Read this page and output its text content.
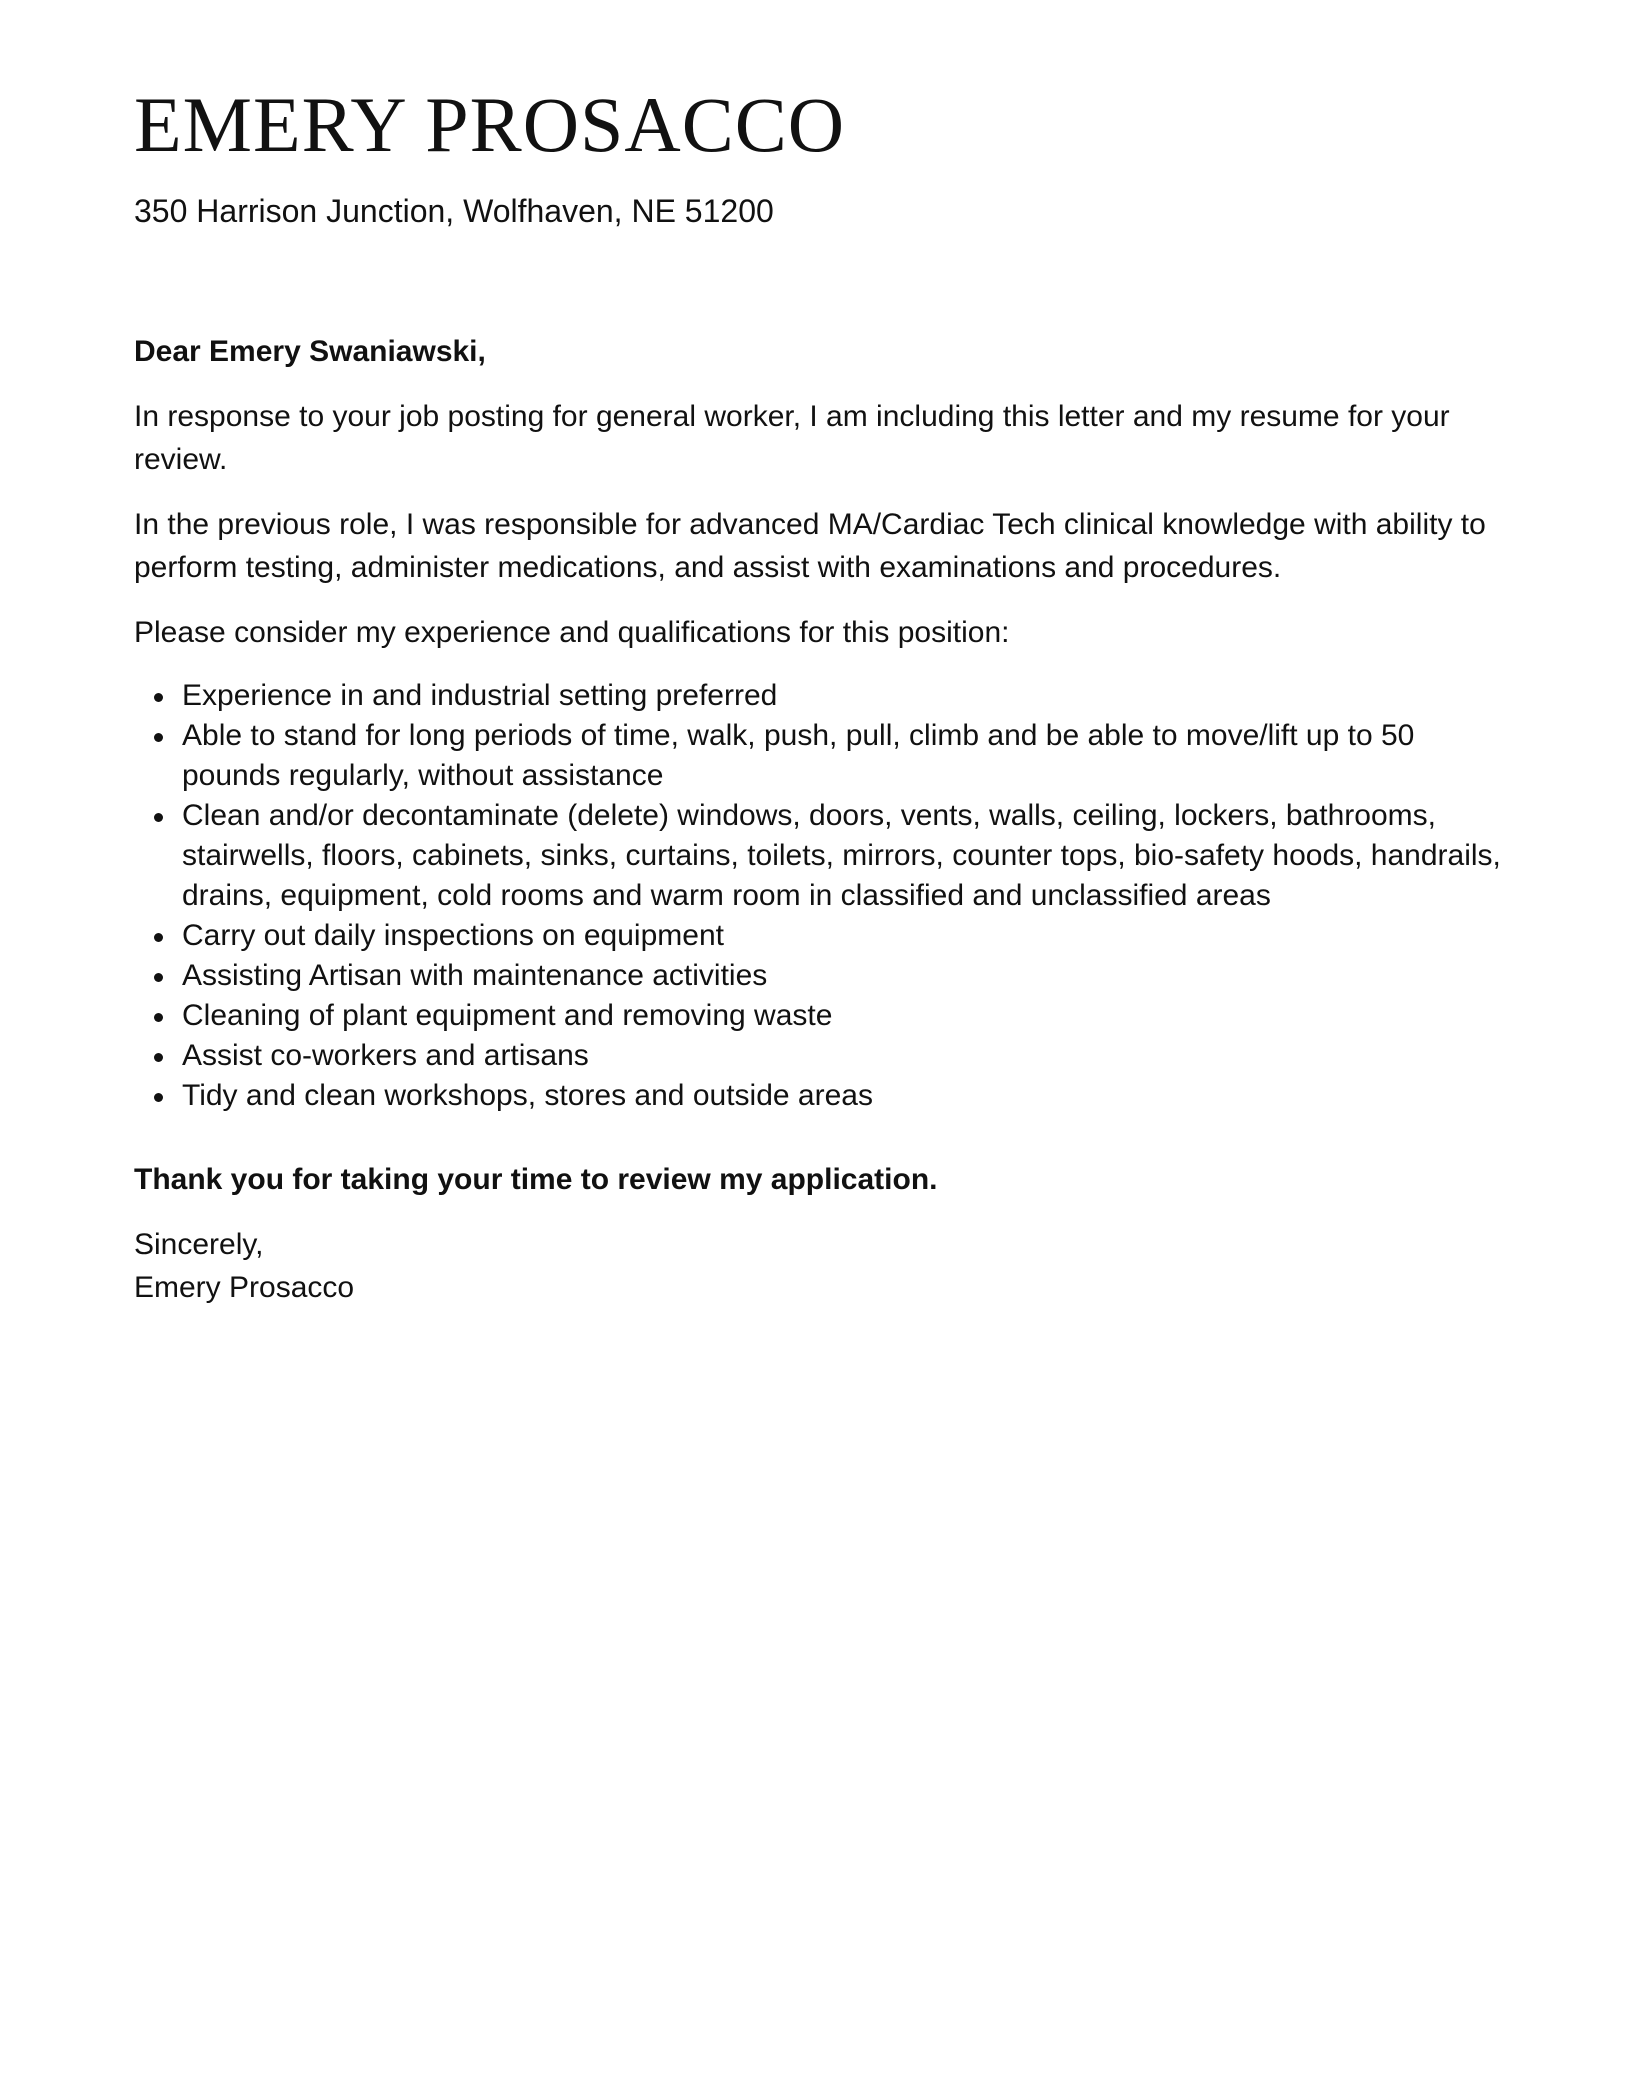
EMERY PROSACCO

350 Harrison Junction, Wolfhaven, NE 51200

Dear Emery Swaniawski,

In response to your job posting for general worker, I am including this letter and my resume for your review.

In the previous role, I was responsible for advanced MA/Cardiac Tech clinical knowledge with ability to perform testing, administer medications, and assist with examinations and procedures.

Please consider my experience and qualifications for this position:

Experience in and industrial setting preferred
Able to stand for long periods of time, walk, push, pull, climb and be able to move/lift up to 50 pounds regularly, without assistance
Clean and/or decontaminate (delete) windows, doors, vents, walls, ceiling, lockers, bathrooms, stairwells, floors, cabinets, sinks, curtains, toilets, mirrors, counter tops, bio-safety hoods, handrails, drains, equipment, cold rooms and warm room in classified and unclassified areas
Carry out daily inspections on equipment
Assisting Artisan with maintenance activities
Cleaning of plant equipment and removing waste
Assist co-workers and artisans
Tidy and clean workshops, stores and outside areas

Thank you for taking your time to review my application.

Sincerely,

Emery Prosacco
